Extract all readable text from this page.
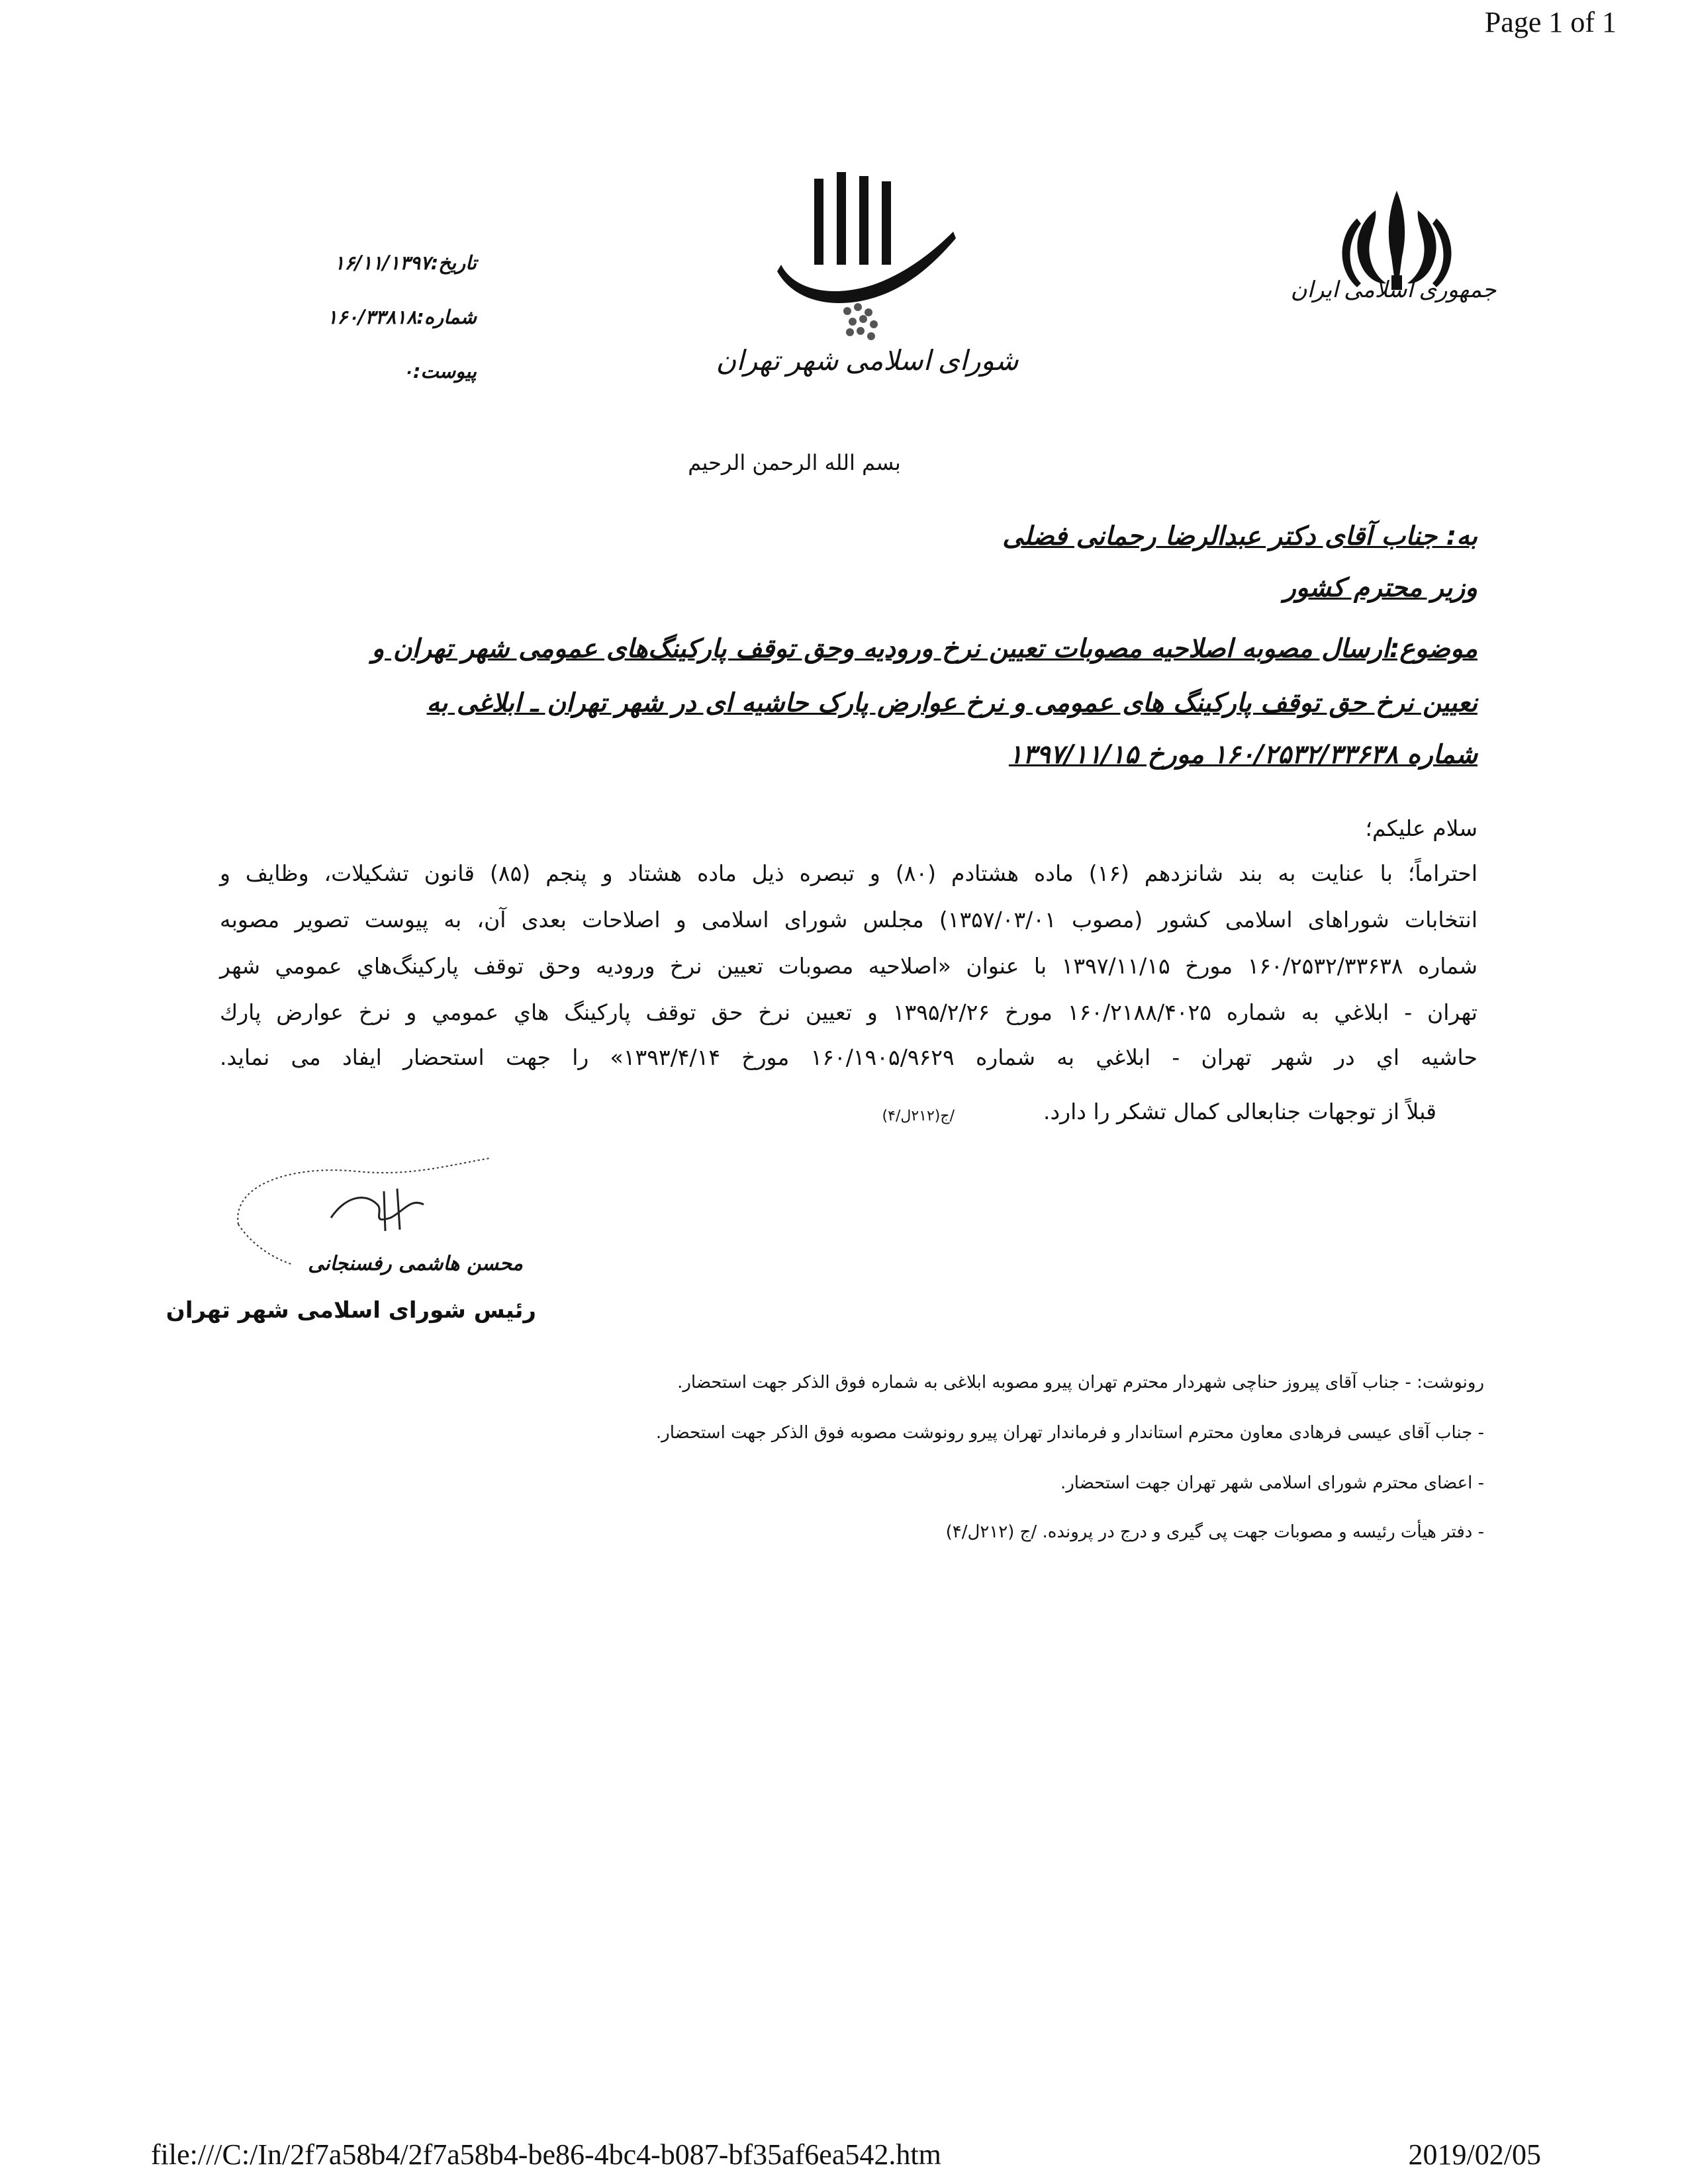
Page 1 of 1
file:///C:/In/2f7a58b4/2f7a58b4-be86-4bc4-b087-bf35af6ea542.htm	2019/02/05
جمهوری اسلامی ایران
شورای اسلامی شهر تهران
تاریخ:۱۶/۱۱/۱۳۹۷
شماره:۱۶۰/۳۳۸۱۸
پیوست:۰
بسم الله الرحمن الرحیم
به: جناب آقای دکتر عبدالرضا رحمانی فضلی
وزیر محترم کشور
موضوع:ارسال مصوبه اصلاحیه مصوبات تعیین نرخ ورودیه وحق توقف پارکینگ‌های عمومی شهر تهران و
نعیین نرخ حق توقف پارکینگ های عمومی و نرخ عوارض پارک حاشیه ای در شهر تهران ـ ابلاغی به
شماره ۱۶۰/۲۵۳۲/۳۳۶۳۸ مورخ ۱۳۹۷/۱۱/۱۵
سلام علیکم؛
احتراماً؛ با عنایت به بند شانزدهم (۱۶) ماده هشتادم (۸۰) و تبصره ذیل ماده هشتاد و پنجم (۸۵) قانون تشکیلات، وظایف و
انتخابات شوراهای اسلامی کشور (مصوب ۱۳۵۷/۰۳/۰۱) مجلس شورای اسلامی و اصلاحات بعدی آن، به پیوست تصویر مصوبه
شماره ۱۶۰/۲۵۳۲/۳۳۶۳۸ مورخ ۱۳۹۷/۱۱/۱۵ با عنوان «اصلاحیه مصوبات تعیین نرخ ورودیه وحق توقف پارکینگ‌هاي عمومي شهر
تهران - ابلاغي به شماره ۱۶۰/۲۱۸۸/۴۰۲۵ مورخ ۱۳۹۵/۲/۲۶ و تعیین نرخ حق توقف پارکینگ هاي عمومي و نرخ عوارض پارك
حاشیه اي در شهر تهران - ابلاغي به شماره ۱۶۰/۱۹۰۵/۹۶۲۹ مورخ ۱۳۹۳/۴/۱۴» را جهت استحضار ایفاد می نماید.
قبلاً از توجهات جنابعالی کمال تشکر را دارد.
/ج(۲۱۲ل/۴)
محسن هاشمی رفسنجانی
رئیس شورای اسلامی شهر تهران
رونوشت: - جناب آقای پیروز حناچی شهردار محترم تهران پیرو مصوبه ابلاغی به شماره فوق الذکر جهت استحضار.
- جناب آقای عیسی فرهادی معاون محترم استاندار و فرماندار تهران پیرو رونوشت مصوبه فوق الذکر جهت استحضار.
- اعضای محترم شورای اسلامی شهر تهران جهت استحضار.
- دفتر هیأت رئیسه و مصوبات جهت پی گیری و درج در پرونده. /ج (۲۱۲ل/۴)
